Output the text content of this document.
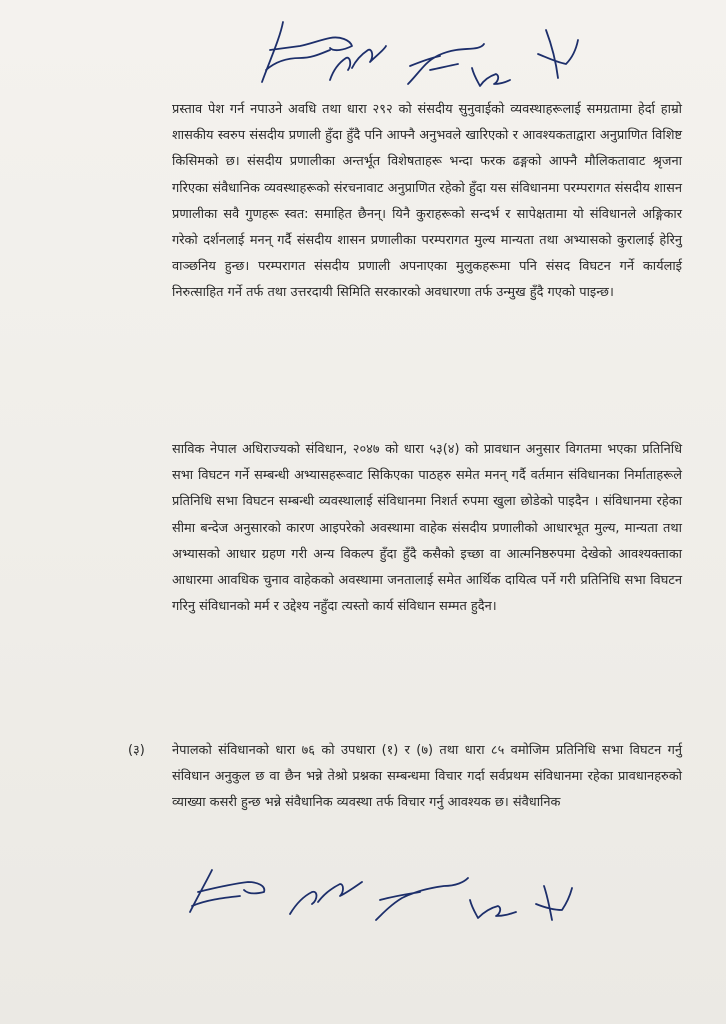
प्रस्ताव पेश गर्न नपाउने अवधि तथा धारा २९२ को संसदीय सुनुवाईको व्यवस्थाहरूलाई समग्रतामा हेर्दा हाम्रो शासकीय स्वरुप संसदीय प्रणाली हुँदा हुँदै पनि आफ्नै अनुभवले खारिएको र आवश्यकताद्वारा अनुप्राणित विशिष्ट किसिमको छ। संसदीय प्रणालीका अन्तर्भूत विशेषताहरू भन्दा फरक ढङ्गको आफ्नै मौलिकतावाट श्रृजना गरिएका संवैधानिक व्यवस्थाहरूको संरचनावाट अनुप्राणित रहेको हुँदा यस संविधानमा परम्परागत संसदीय शासन प्रणालीका सवै गुणहरू स्वत: समाहित छैनन्। यिनै कुराहरूको सन्दर्भ र सापेक्षतामा यो संविधानले अङ्गिकार गरेको दर्शनलाई मनन् गर्दै संसदीय शासन प्रणालीका परम्परागत मुल्य मान्यता तथा अभ्यासको कुरालाई हेरिनु वाञ्छनिय हुन्छ। परम्परागत संसदीय प्रणाली अपनाएका मुलुकहरूमा पनि संसद विघटन गर्ने कार्यलाई निरुत्साहित गर्ने तर्फ तथा उत्तरदायी सिमिति सरकारको अवधारणा तर्फ उन्मुख हुँदै गएको पाइन्छ।
साविक नेपाल अधिराज्यको संविधान, २०४७ को धारा ५३(४) को प्रावधान अनुसार विगतमा भएका प्रतिनिधि सभा विघटन गर्ने सम्बन्धी अभ्यासहरूवाट सिकिएका पाठहरु समेत मनन् गर्दै वर्तमान संविधानका निर्माताहरूले प्रतिनिधि सभा विघटन सम्बन्धी व्यवस्थालाई संविधानमा निशर्त रुपमा खुला छोडेको पाइदैन । संविधानमा रहेका सीमा बन्देज अनुसारको कारण आइपरेको अवस्थामा वाहेक संसदीय प्रणालीको आधारभूत मुल्य, मान्यता तथा अभ्यासको आधार ग्रहण गरी अन्य विकल्प हुँदा हुँदै कसैको इच्छा वा आत्मनिष्ठरुपमा देखेको आवश्यक्ताका आधारमा आवधिक चुनाव वाहेकको अवस्थामा जनतालाई समेत आर्थिक दायित्व पर्ने गरी प्रतिनिधि सभा विघटन गरिनु संविधानको मर्म र उद्देश्य नहुँदा त्यस्तो कार्य संविधान सम्मत हुदैन।
(३) नेपालको संविधानको धारा ७६ को उपधारा (१) र (७) तथा धारा ८५ वमोजिम प्रतिनिधि सभा विघटन गर्नु संविधान अनुकुल छ वा छैन भन्ने तेश्रो प्रश्नका सम्बन्धमा विचार गर्दा सर्वप्रथम संविधानमा रहेका प्रावधानहरुको व्याख्या कसरी हुन्छ भन्ने संवैधानिक व्यवस्था तर्फ विचार गर्नु आवश्यक छ। संवैधानिक
